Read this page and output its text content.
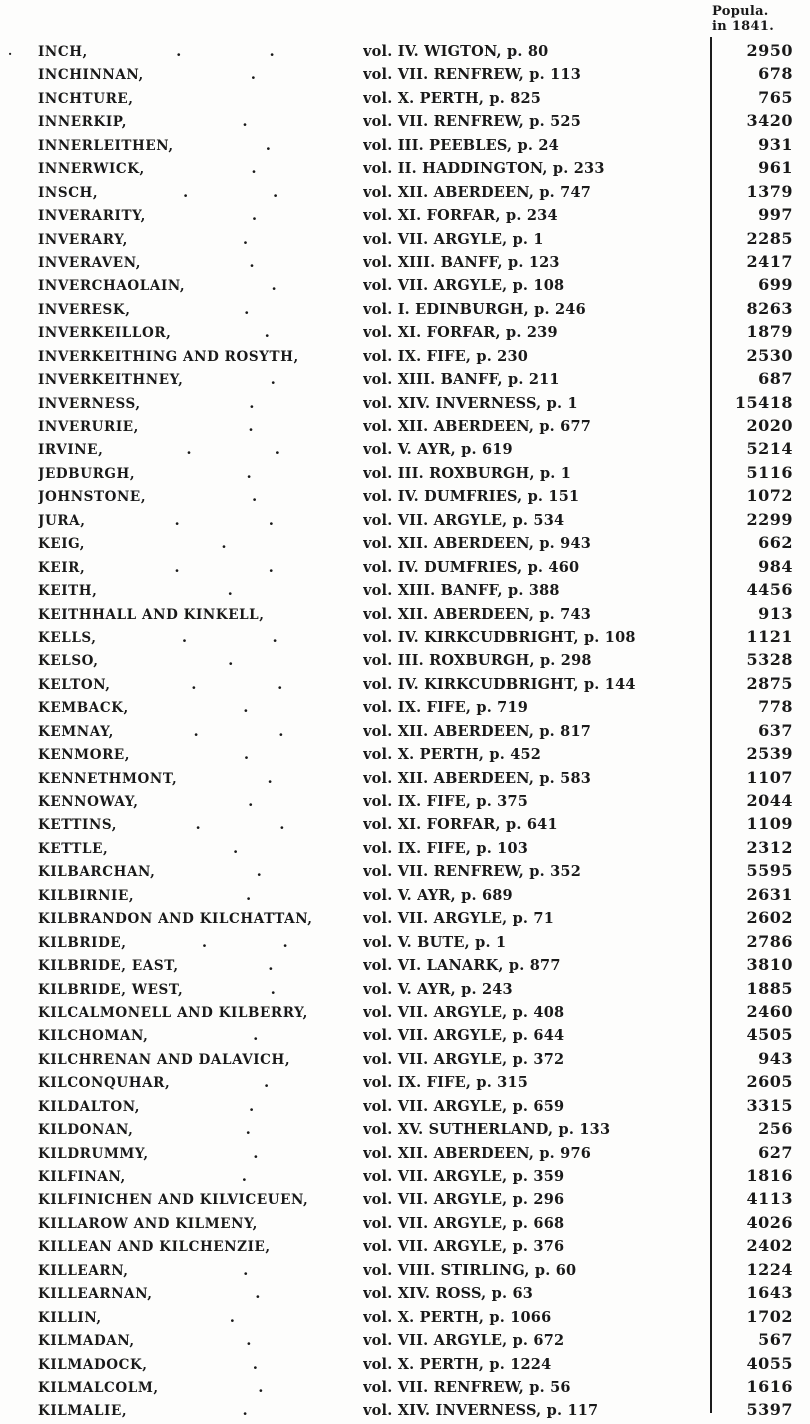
.
Popula.
in 1841.
INCH,	.	.	vol. IV. WIGTON, p. 80	2950
INCHINNAN,	.	vol. VII. RENFREW, p. 113	678
INCHTURE,	vol. X. PERTH, p. 825	765
INNERKIP,	.	vol. VII. RENFREW, p. 525	3420
INNERLEITHEN,	.	vol. III. PEEBLES, p. 24	931
INNERWICK,	.	vol. II. HADDINGTON, p. 233	961
INSCH,	.	.	vol. XII. ABERDEEN, p. 747	1379
INVERARITY,	.	vol. XI. FORFAR, p. 234	997
INVERARY,	.	vol. VII. ARGYLE, p. 1	2285
INVERAVEN,	.	vol. XIII. BANFF, p. 123	2417
INVERCHAOLAIN,	.	vol. VII. ARGYLE, p. 108	699
INVERESK,	.	vol. I. EDINBURGH, p. 246	8263
INVERKEILLOR,	.	vol. XI. FORFAR, p. 239	1879
INVERKEITHING AND ROSYTH,	vol. IX. FIFE, p. 230	2530
INVERKEITHNEY,	.	vol. XIII. BANFF, p. 211	687
INVERNESS,	.	vol. XIV. INVERNESS, p. 1	15418
INVERURIE,	.	vol. XII. ABERDEEN, p. 677	2020
IRVINE,	.	.	vol. V. AYR, p. 619	5214
JEDBURGH,	.	vol. III. ROXBURGH, p. 1	5116
JOHNSTONE,	.	vol. IV. DUMFRIES, p. 151	1072
JURA,	.	.	vol. VII. ARGYLE, p. 534	2299
KEIG,	.	vol. XII. ABERDEEN, p. 943	662
KEIR,	.	.	vol. IV. DUMFRIES, p. 460	984
KEITH,	.	vol. XIII. BANFF, p. 388	4456
KEITHHALL AND KINKELL,	vol. XII. ABERDEEN, p. 743	913
KELLS,	.	.	vol. IV. KIRKCUDBRIGHT, p. 108	1121
KELSO,	.	vol. III. ROXBURGH, p. 298	5328
KELTON,	.	.	vol. IV. KIRKCUDBRIGHT, p. 144	2875
KEMBACK,	.	vol. IX. FIFE, p. 719	778
KEMNAY,	.	.	vol. XII. ABERDEEN, p. 817	637
KENMORE,	.	vol. X. PERTH, p. 452	2539
KENNETHMONT,	.	vol. XII. ABERDEEN, p. 583	1107
KENNOWAY,	.	vol. IX. FIFE, p. 375	2044
KETTINS,	.	.	vol. XI. FORFAR, p. 641	1109
KETTLE,	.	vol. IX. FIFE, p. 103	2312
KILBARCHAN,	.	vol. VII. RENFREW, p. 352	5595
KILBIRNIE,	.	vol. V. AYR, p. 689	2631
KILBRANDON AND KILCHATTAN,	vol. VII. ARGYLE, p. 71	2602
KILBRIDE,	.	.	vol. V. BUTE, p. 1	2786
KILBRIDE, EAST,	.	vol. VI. LANARK, p. 877	3810
KILBRIDE, WEST,	.	vol. V. AYR, p. 243	1885
KILCALMONELL AND KILBERRY,	vol. VII. ARGYLE, p. 408	2460
KILCHOMAN,	.	vol. VII. ARGYLE, p. 644	4505
KILCHRENAN AND DALAVICH,	vol. VII. ARGYLE, p. 372	943
KILCONQUHAR,	.	vol. IX. FIFE, p. 315	2605
KILDALTON,	.	vol. VII. ARGYLE, p. 659	3315
KILDONAN,	.	vol. XV. SUTHERLAND, p. 133	256
KILDRUMMY,	.	vol. XII. ABERDEEN, p. 976	627
KILFINAN,	.	vol. VII. ARGYLE, p. 359	1816
KILFINICHEN AND KILVICEUEN,	vol. VII. ARGYLE, p. 296	4113
KILLAROW AND KILMENY,	vol. VII. ARGYLE, p. 668	4026
KILLEAN AND KILCHENZIE,	vol. VII. ARGYLE, p. 376	2402
KILLEARN,	.	vol. VIII. STIRLING, p. 60	1224
KILLEARNAN,	.	vol. XIV. ROSS, p. 63	1643
KILLIN,	.	vol. X. PERTH, p. 1066	1702
KILMADAN,	.	vol. VII. ARGYLE, p. 672	567
KILMADOCK,	.	vol. X. PERTH, p. 1224	4055
KILMALCOLM,	.	vol. VII. RENFREW, p. 56	1616
KILMALIE,	.	vol. XIV. INVERNESS, p. 117	5397
